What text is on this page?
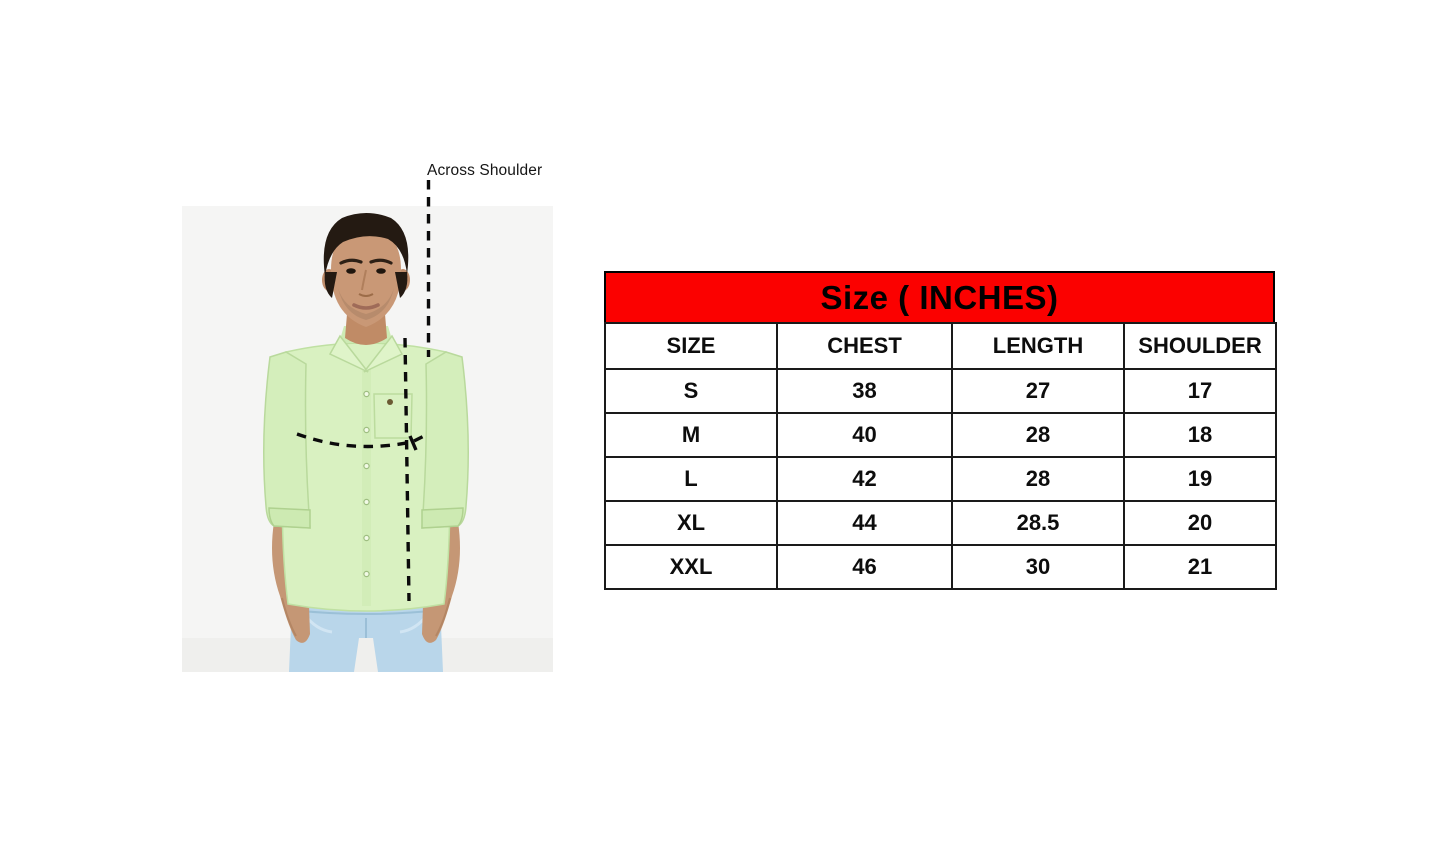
Across Shoulder
Size ( INCHES)
SIZE	CHEST	LENGTH	SHOULDER
S	38	27	17
M	40	28	18
L	42	28	19
XL	44	28.5	20
XXL	46	30	21
